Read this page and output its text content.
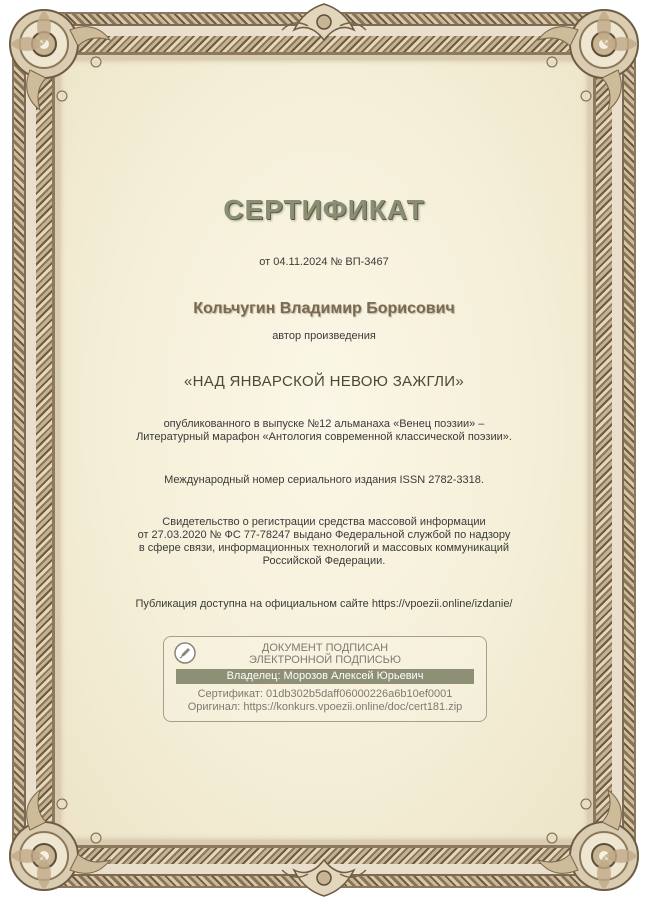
СЕРТИФИКАТ
от 04.11.2024 № ВП-3467
Кольчугин Владимир Борисович
автор произведения
«НАД ЯНВАРСКОЙ НЕВОЮ ЗАЖГЛИ»
опубликованного в выпуске №12 альманаха «Венец поэзии» –
Литературный марафон «Антология современной классической поэзии».
Международный номер сериального издания ISSN 2782-3318.
Свидетельство о регистрации средства массовой информации
от 27.03.2020 № ФС 77-78247 выдано Федеральной службой по надзору
в сфере связи, информационных технологий и массовых коммуникаций
Российской Федерации.
Публикация доступна на официальном сайте https://vpoezii.online/izdanie/
ДОКУМЕНТ ПОДПИСАН
ЭЛЕКТРОННОЙ ПОДПИСЬЮ
Владелец: Морозов Алексей Юрьевич
Сертификат: 01db302b5daff06000226a6b10ef0001
Оригинал: https://konkurs.vpoezii.online/doc/cert181.zip
